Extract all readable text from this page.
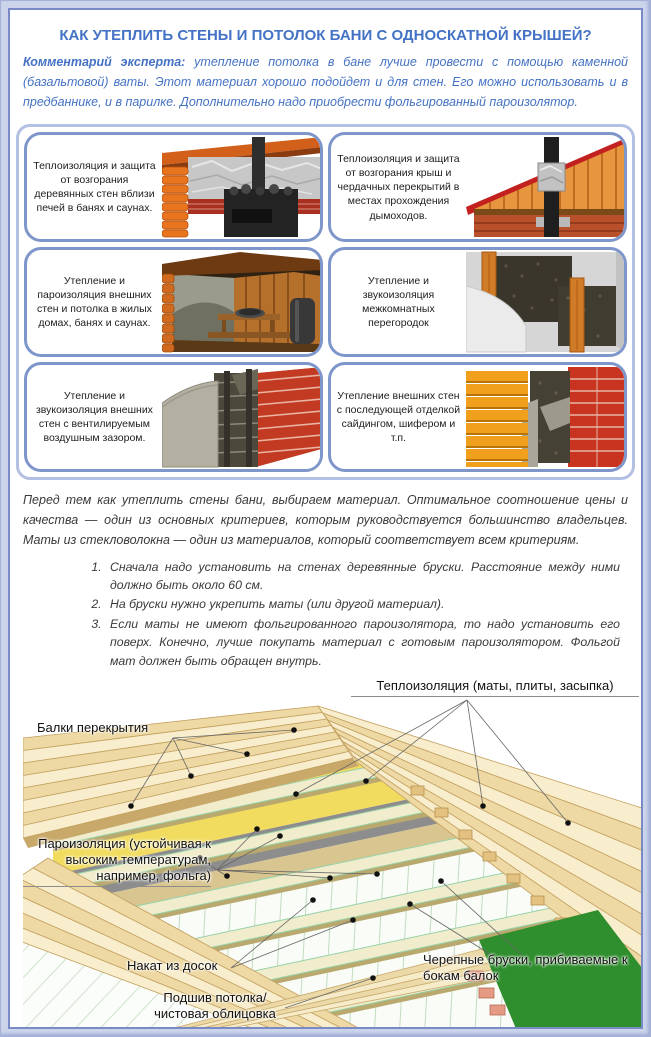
КАК УТЕПЛИТЬ СТЕНЫ И ПОТОЛОК БАНИ С ОДНОСКАТНОЙ КРЫШЕЙ?

Комментарий эксперта: утепление потолка в бане лучше провести с помощью каменной (базальтовой) ваты. Этот материал хорошо подойдет и для стен. Его можно использовать и в предбаннике, и в парилке. Дополнительно надо приобрести фольгированный пароизолятор.

Теплоизоляция и защита от возгорания деревянных стен вблизи печей в банях и саунах.
Теплоизоляция и защита от возгорания крыш и чердачных перекрытий в местах прохождения дымоходов.
Утепление и пароизоляция внешних стен и потолка в жилых домах, банях и саунах.
Утепление и звукоизоляция межкомнатных перегородок
Утепление и звукоизоляция внешних стен с вентилируемым воздушным зазором.
Утепление внешних стен с последующей отделкой сайдингом, шифером и т.п.

Перед тем как утеплить стены бани, выбираем материал. Оптимальное соотношение цены и качества — один из основных критериев, которым руководствуется большинство владельцев. Маты из стекловолокна — один из материалов, который соответствует всем критериям.

1. Сначала надо установить на стенах деревянные бруски. Расстояние между ними должно быть около 60 см.
2. На бруски нужно укрепить маты (или другой материал).
3. Если маты не имеют фольгированного пароизолятора, то надо установить его поверх. Конечно, лучше покупать материал с готовым пароизолятором. Фольгой мат должен быть обращен внутрь.
Теплоизоляция (маты, плиты, засыпка)
Балки перекрытия
Пароизоляция (устойчивая к высоким температурам, например, фольга)
Накат из досок
Подшив потолка/ чистовая облицовка
Черепные бруски, прибиваемые к бокам балок
